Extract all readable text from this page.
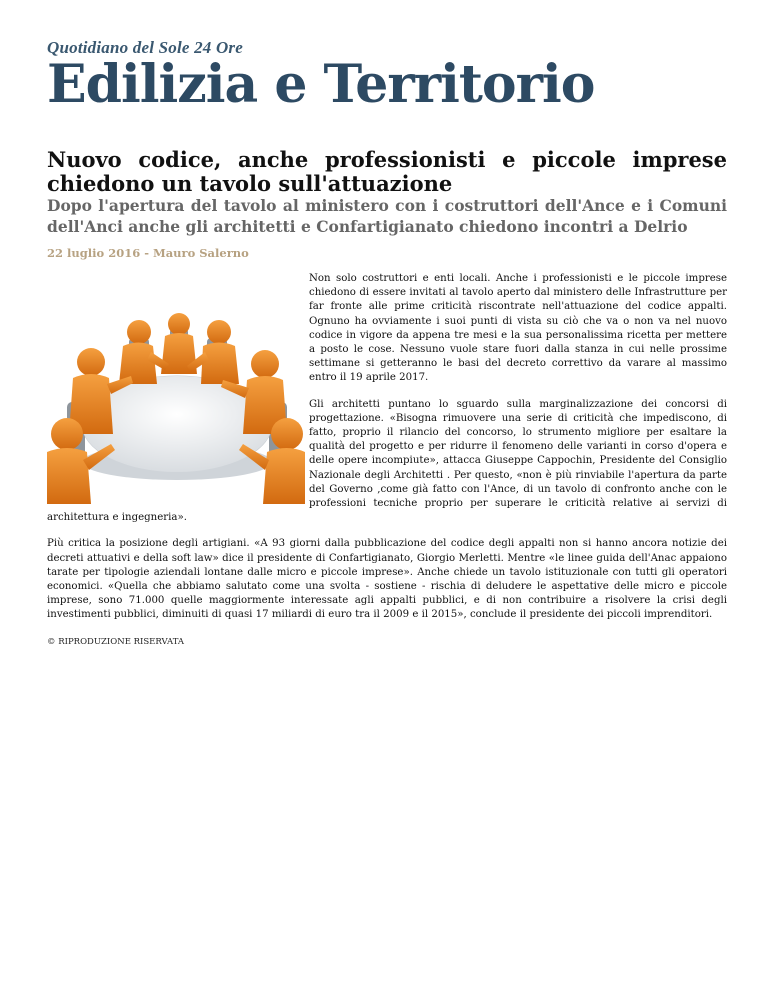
Quotidiano del Sole 24 Ore
Edilizia e Territorio
Nuovo codice, anche professionisti e piccole imprese chiedono un tavolo sull'attuazione
Dopo l'apertura del tavolo al ministero con i costruttori dell'Ance e i Comuni dell'Anci anche gli architetti e Confartigianato chiedono incontri a Delrio
22 luglio 2016 - Mauro Salerno

Non solo costruttori e enti locali. Anche i professionisti e le piccole imprese chiedono di essere invitati al tavolo aperto dal ministero delle Infrastrutture per far fronte alle prime criticità riscontrate nell'attuazione del codice appalti. Ognuno ha ovviamente i suoi punti di vista su ciò che va o non va nel nuovo codice in vigore da appena tre mesi e la sua personalissima ricetta per mettere a posto le cose. Nessuno vuole stare fuori dalla stanza in cui nelle prossime settimane si getteranno le basi del decreto correttivo da varare al massimo entro il 19 aprile 2017.

Gli architetti puntano lo sguardo sulla marginalizzazione dei concorsi di progettazione. «Bisogna rimuovere una serie di criticità che impediscono, di fatto, proprio il rilancio del concorso, lo strumento migliore per esaltare la qualità del progetto e per ridurre il fenomeno delle varianti in corso d'opera e delle opere incompiute», attacca Giuseppe Cappochin, Presidente del Consiglio Nazionale degli Architetti . Per questo, «non è più rinviabile l'apertura da parte del Governo ,come già fatto con l'Ance, di un tavolo di confronto anche con le professioni tecniche proprio per superare le criticità relative ai servizi di architettura e ingegneria».

Più critica la posizione degli artigiani. «A 93 giorni dalla pubblicazione del codice degli appalti non si hanno ancora notizie dei decreti attuativi e della soft law» dice il presidente di Confartigianato, Giorgio Merletti. Mentre «le linee guida dell'Anac appaiono tarate per tipologie aziendali lontane dalle micro e piccole imprese». Anche chiede un tavolo istituzionale con tutti gli operatori economici. «Quella che abbiamo salutato come una svolta - sostiene - rischia di deludere le aspettative delle micro e piccole imprese, sono 71.000 quelle maggiormente interessate agli appalti pubblici, e di non contribuire a risolvere la crisi degli investimenti pubblici, diminuiti di quasi 17 miliardi di euro tra il 2009 e il 2015», conclude il presidente dei piccoli imprenditori.

© RIPRODUZIONE RISERVATA
